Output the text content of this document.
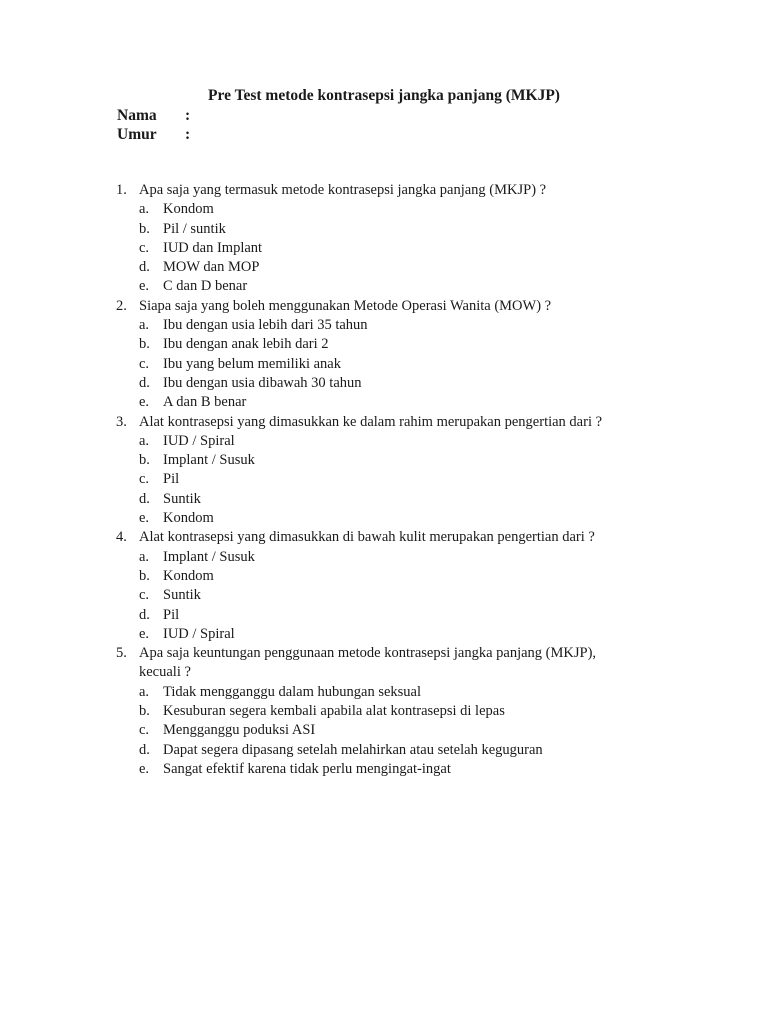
Pre Test metode kontrasepsi jangka panjang (MKJP)
Nama :
Umur :
1. Apa saja yang termasuk metode kontrasepsi jangka panjang (MKJP) ?
a. Kondom
b. Pil / suntik
c. IUD dan Implant
d. MOW dan MOP
e. C dan D benar
2. Siapa saja yang boleh menggunakan Metode Operasi Wanita (MOW) ?
a. Ibu dengan usia lebih dari 35 tahun
b. Ibu dengan anak lebih dari 2
c. Ibu yang belum memiliki anak
d. Ibu dengan usia dibawah 30 tahun
e. A dan B benar
3. Alat kontrasepsi yang dimasukkan ke dalam rahim merupakan pengertian dari ?
a. IUD / Spiral
b. Implant / Susuk
c. Pil
d. Suntik
e. Kondom
4. Alat kontrasepsi yang dimasukkan di bawah kulit merupakan pengertian dari ?
a. Implant / Susuk
b. Kondom
c. Suntik
d. Pil
e. IUD / Spiral
5. Apa saja keuntungan penggunaan metode kontrasepsi jangka panjang (MKJP),
kecuali ?
a. Tidak mengganggu dalam hubungan seksual
b. Kesuburan segera kembali apabila alat kontrasepsi di lepas
c. Mengganggu poduksi ASI
d. Dapat segera dipasang setelah melahirkan atau setelah keguguran
e. Sangat efektif karena tidak perlu mengingat-ingat
